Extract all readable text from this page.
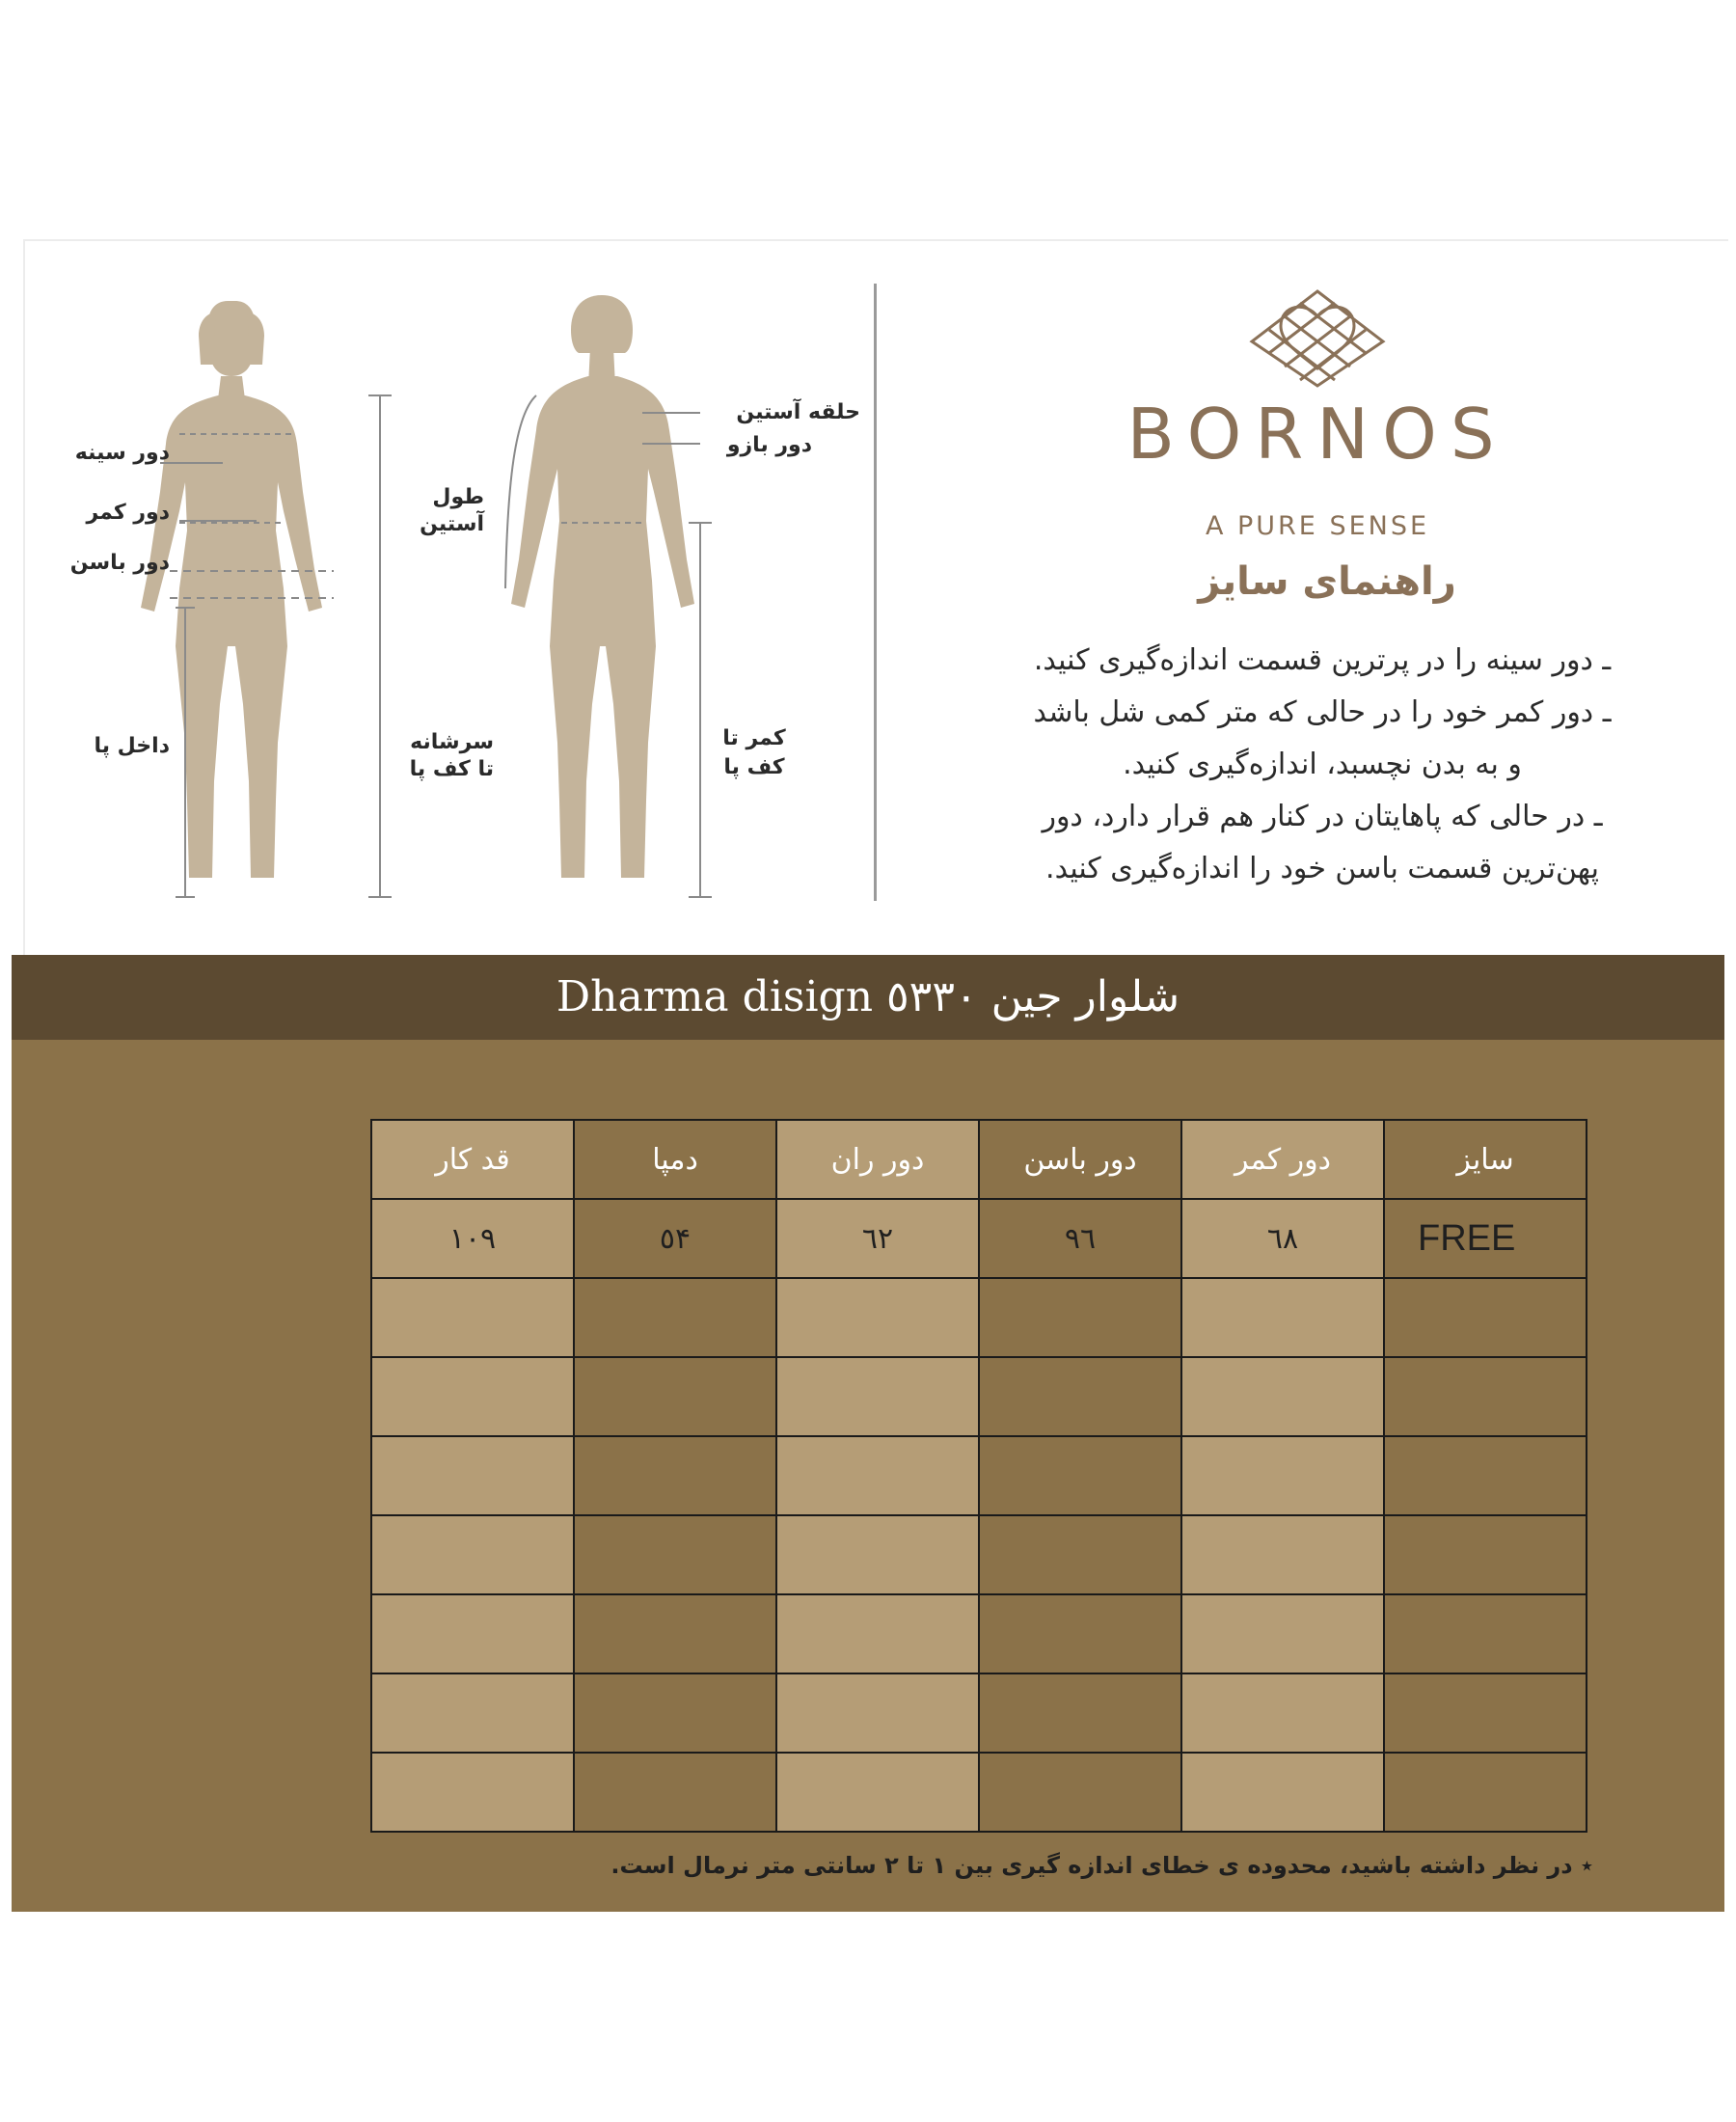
دور سینه
دور کمر
دور باسن
داخل پا	سرشانه
تا کف پا
طول
آستین
کمر تا
کف پا
حلقه آستین
دور بازو	BORNOS
A PURE SENSE
راهنمای سایز
ـ دور سینه را در پرترین قسمت اندازه‌گیری کنید.
ـ دور کمر خود را در حالی که متر کمی شل باشد
و به بدن نچسبد، اندازه‌گیری کنید.
ـ در حالی که پاهایتان در کنار هم قرار دارد، دور
پهن‌ترین قسمت باسن خود را اندازه‌گیری کنید.
شلوار جین ٥٣٣٠ Dharma disign
سایز	دور کمر	دور باسن	دور ران	دمپا	قد کار
FREE	٦٨	٩٦	٦٢	٥۴	١٠٩

٭ در نظر داشته باشید، محدوده ی خطای اندازه گیری بین ۱ تا ۲ سانتی متر نرمال است.
